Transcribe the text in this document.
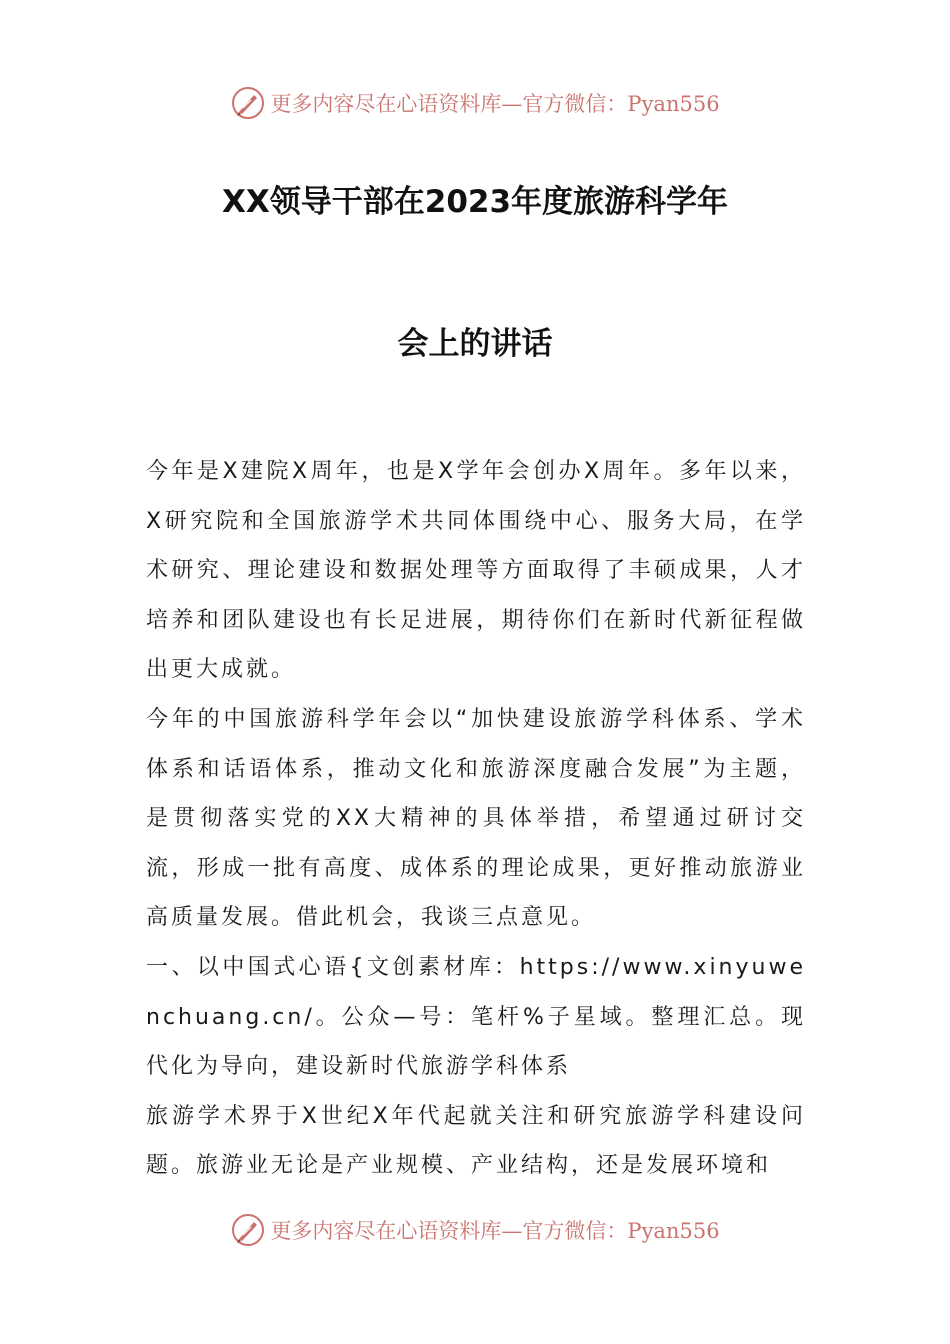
更多内容尽在心语资料库—官方微信：Pyan556
XX领导干部在2023年度旅游科学年
会上的讲话

今年是X建院X周年，也是X学年会创办X周年。多年以来，X研究院和全国旅游学术共同体围绕中心、服务大局，在学术研究、理论建设和数据处理等方面取得了丰硕成果，人才培养和团队建设也有长足进展，期待你们在新时代新征程做出更大成就。

今年的中国旅游科学年会以“加快建设旅游学科体系、学术体系和话语体系，推动文化和旅游深度融合发展”为主题，是贯彻落实党的XX大精神的具体举措，希望通过研讨交流，形成一批有高度、成体系的理论成果，更好推动旅游业高质量发展。借此机会，我谈三点意见。

一、以中国式心语{文创素材库：https://www.xinyuwenchuang.cn/。公众—号：笔杆%子星域。整理汇总。现代化为导向，建设新时代旅游学科体系

旅游学术界于X世纪X年代起就关注和研究旅游学科建设问题。旅游业无论是产业规模、产业结构，还是发展环境和

更多内容尽在心语资料库—官方微信：Pyan556
